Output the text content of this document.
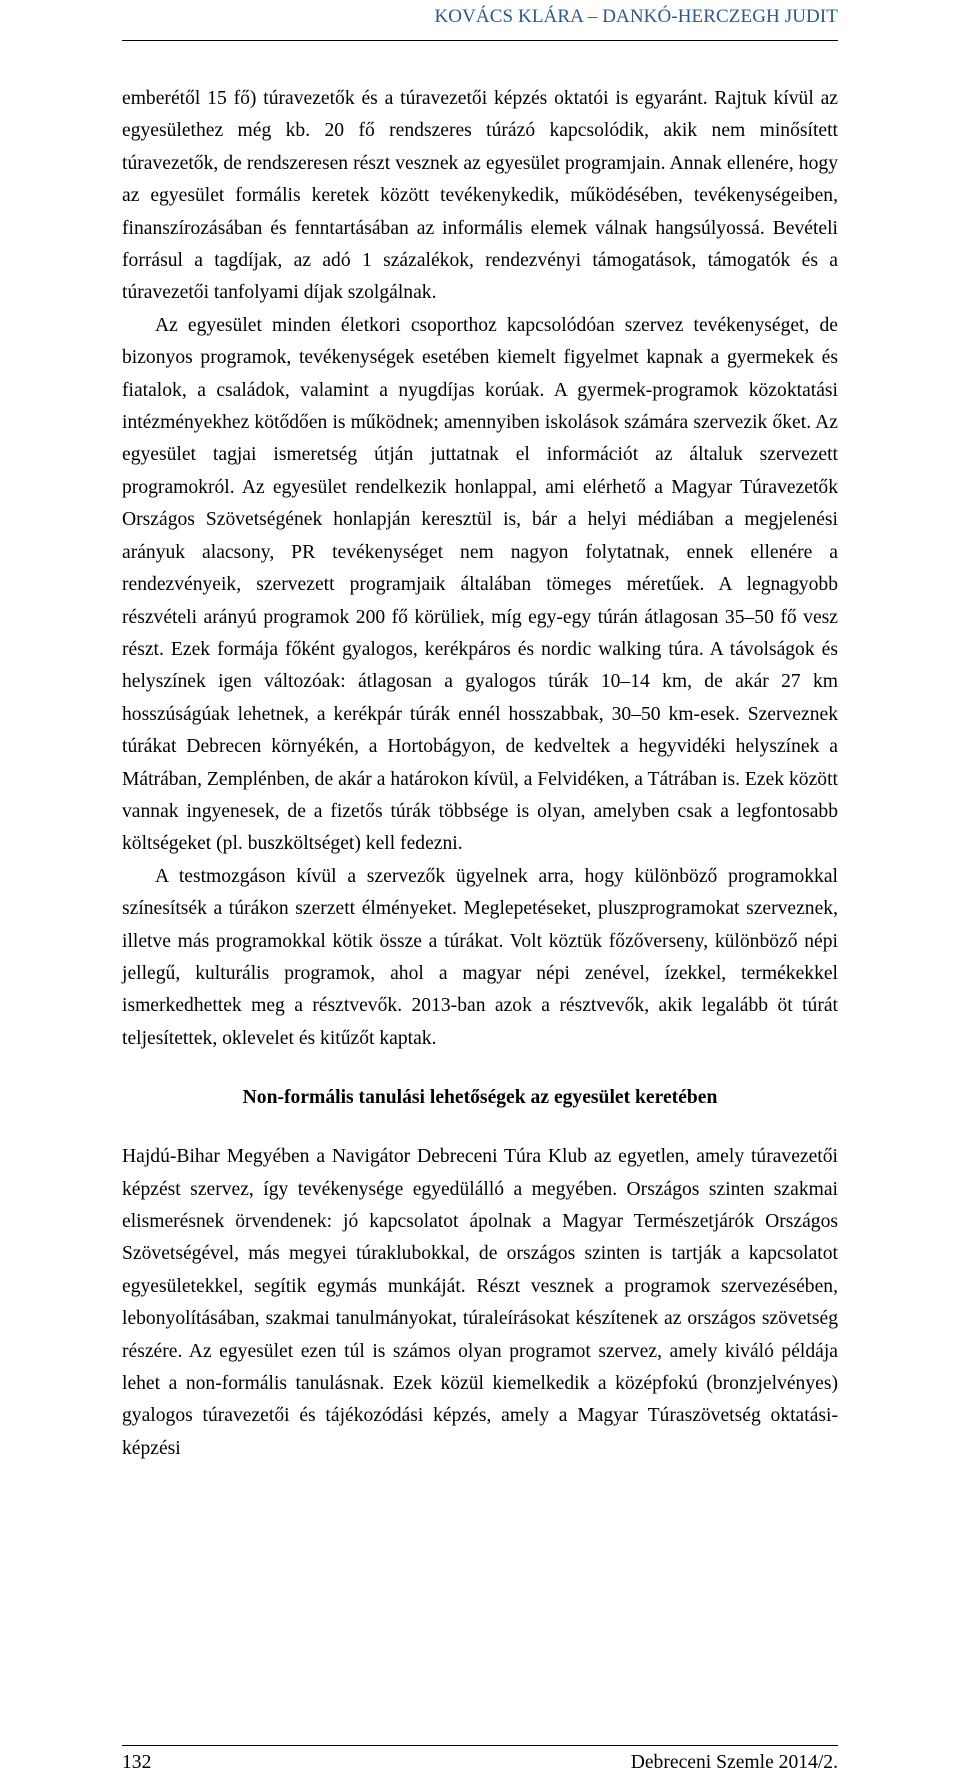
KOVÁCS KLÁRA – DANKÓ-HERCZEGH JUDIT

emberétől 15 fő) túravezetők és a túravezetői képzés oktatói is egyaránt. Rajtuk kívül az egyesülethez még kb. 20 fő rendszeres túrázó kapcsolódik, akik nem minősített túravezetők, de rendszeresen részt vesznek az egyesület programjain. Annak ellenére, hogy az egyesület formális keretek között tevékenykedik, működésében, tevékenységeiben, finanszírozásában és fenntartásában az informális elemek válnak hangsúlyossá. Bevételi forrásul a tagdíjak, az adó 1 százalékok, rendezvényi támogatások, támogatók és a túravezetői tanfolyami díjak szolgálnak.

Az egyesület minden életkori csoporthoz kapcsolódóan szervez tevékenységet, de bizonyos programok, tevékenységek esetében kiemelt figyelmet kapnak a gyermekek és fiatalok, a családok, valamint a nyugdíjas korúak. A gyermek-programok közoktatási intézményekhez kötődően is működnek; amennyiben iskolások számára szervezik őket. Az egyesület tagjai ismeretség útján juttatnak el információt az általuk szervezett programokról. Az egyesület rendelkezik honlappal, ami elérhető a Magyar Túravezetők Országos Szövetségének honlapján keresztül is, bár a helyi médiában a megjelenési arányuk alacsony, PR tevékenységet nem nagyon folytatnak, ennek ellenére a rendezvényeik, szervezett programjaik általában tömeges méretűek. A legnagyobb részvételi arányú programok 200 fő körüliek, míg egy-egy túrán átlagosan 35–50 fő vesz részt. Ezek formája főként gyalogos, kerékpáros és nordic walking túra. A távolságok és helyszínek igen változóak: átlagosan a gyalogos túrák 10–14 km, de akár 27 km hosszúságúak lehetnek, a kerékpár túrák ennél hosszabbak, 30–50 km-esek. Szerveznek túrákat Debrecen környékén, a Hortobágyon, de kedveltek a hegyvidéki helyszínek a Mátrában, Zemplénben, de akár a határokon kívül, a Felvidéken, a Tátrában is. Ezek között vannak ingyenesek, de a fizetős túrák többsége is olyan, amelyben csak a legfontosabb költségeket (pl. buszköltséget) kell fedezni.

A testmozgáson kívül a szervezők ügyelnek arra, hogy különböző programokkal színesítsék a túrákon szerzett élményeket. Meglepetéseket, pluszprogramokat szerveznek, illetve más programokkal kötik össze a túrákat. Volt köztük főzőverseny, különböző népi jellegű, kulturális programok, ahol a magyar népi zenével, ízekkel, termékekkel ismerkedhettek meg a résztvevők. 2013-ban azok a résztvevők, akik legalább öt túrát teljesítettek, oklevelet és kitűzőt kaptak.

Non-formális tanulási lehetőségek az egyesület keretében

Hajdú-Bihar Megyében a Navigátor Debreceni Túra Klub az egyetlen, amely túravezetői képzést szervez, így tevékenysége egyedülálló a megyében. Országos szinten szakmai elismerésnek örvendenek: jó kapcsolatot ápolnak a Magyar Természetjárók Országos Szövetségével, más megyei túraklubokkal, de országos szinten is tartják a kapcsolatot egyesületekkel, segítik egymás munkáját. Részt vesznek a programok szervezésében, lebonyolításában, szakmai tanulmányokat, túraleírásokat készítenek az országos szövetség részére. Az egyesület ezen túl is számos olyan programot szervez, amely kiváló példája lehet a non-formális tanulásnak. Ezek közül kiemelkedik a középfokú (bronzjelvényes) gyalogos túravezetői és tájékozódási képzés, amely a Magyar Túraszövetség oktatási-képzési

132	Debreceni Szemle 2014/2.
